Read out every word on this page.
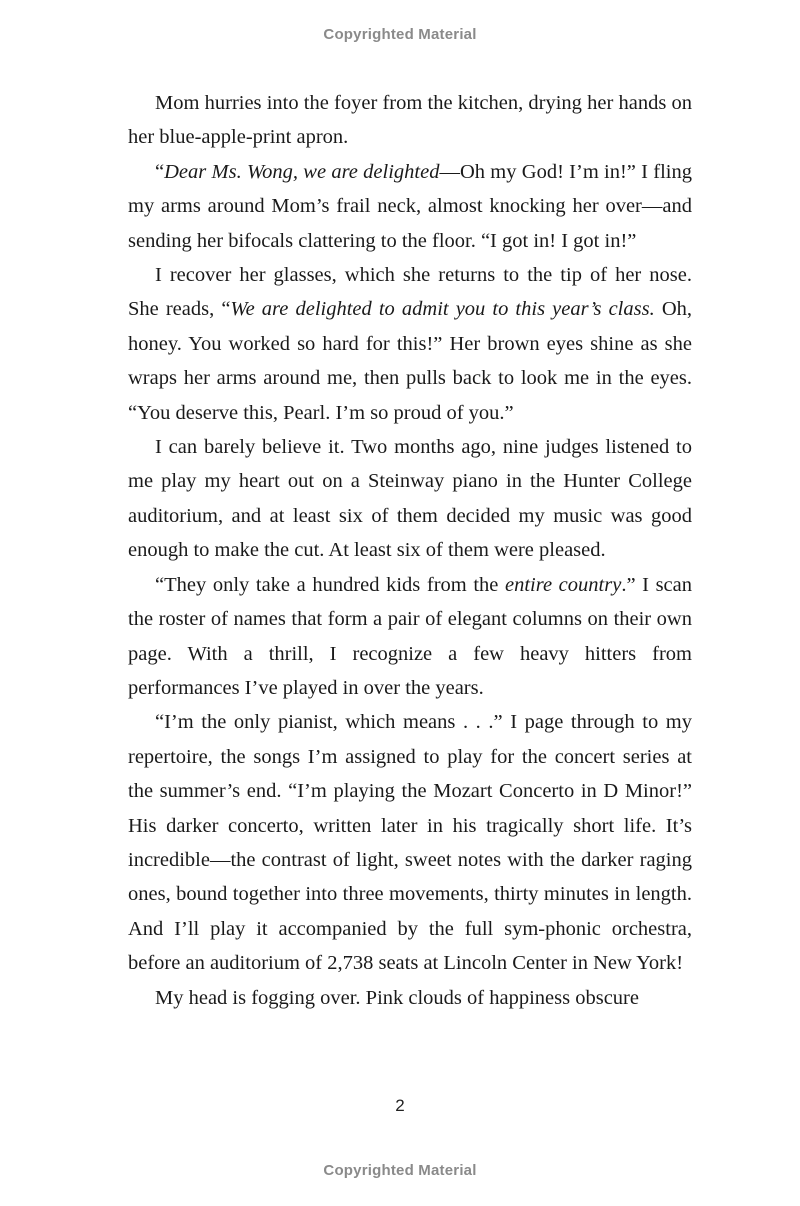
Copyrighted Material

Mom hurries into the foyer from the kitchen, drying her hands on her blue-apple-print apron.

“Dear Ms. Wong, we are delighted—Oh my God! I’m in!” I fling my arms around Mom’s frail neck, almost knocking her over—and sending her bifocals clattering to the floor. “I got in! I got in!”

I recover her glasses, which she returns to the tip of her nose. She reads, “We are delighted to admit you to this year’s class. Oh, honey. You worked so hard for this!” Her brown eyes shine as she wraps her arms around me, then pulls back to look me in the eyes. “You deserve this, Pearl. I’m so proud of you.”

I can barely believe it. Two months ago, nine judges listened to me play my heart out on a Steinway piano in the Hunter College auditorium, and at least six of them decided my music was good enough to make the cut. At least six of them were pleased.

“They only take a hundred kids from the entire country.” I scan the roster of names that form a pair of elegant columns on their own page. With a thrill, I recognize a few heavy hitters from performances I’ve played in over the years.

“I’m the only pianist, which means . . .” I page through to my repertoire, the songs I’m assigned to play for the concert series at the summer’s end. “I’m playing the Mozart Concerto in D Minor!” His darker concerto, written later in his tragically short life. It’s incredible—the contrast of light, sweet notes with the darker raging ones, bound together into three movements, thirty minutes in length. And I’ll play it accompanied by the full sym-phonic orchestra, before an auditorium of 2,738 seats at Lincoln Center in New York!

My head is fogging over. Pink clouds of happiness obscure

2
Copyrighted Material
